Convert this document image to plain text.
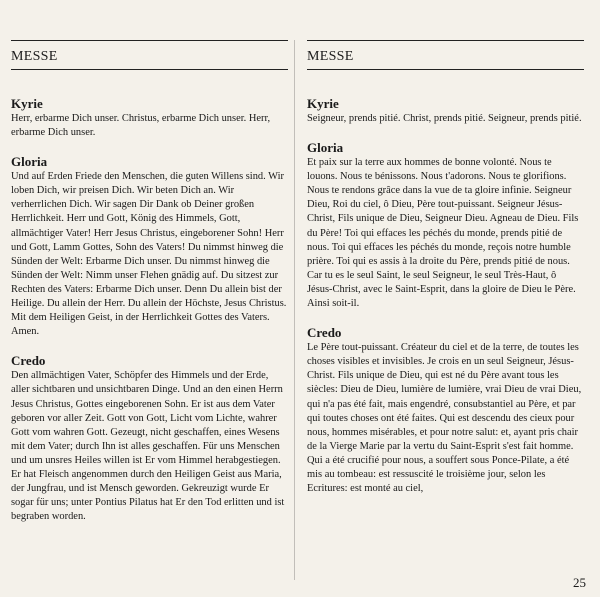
MESSE
Kyrie

Herr, erbarme Dich unser. Christus, erbarme Dich unser. Herr, erbarme Dich unser.

Gloria

Und auf Erden Friede den Menschen, die guten Willens sind. Wir loben Dich, wir preisen Dich. Wir beten Dich an. Wir verherrlichen Dich. Wir sagen Dir Dank ob Deiner großen Herrlichkeit. Herr und Gott, König des Himmels, Gott, allmächtiger Vater! Herr Jesus Christus, eingeborener Sohn! Herr und Gott, Lamm Gottes, Sohn des Vaters! Du nimmst hinweg die Sünden der Welt: Erbarme Dich unser. Du nimmst hinweg die Sünden der Welt: Nimm unser Flehen gnädig auf. Du sitzest zur Rechten des Vaters: Erbarme Dich unser. Denn Du allein bist der Heilige. Du allein der Herr. Du allein der Höchste, Jesus Christus. Mit dem Heiligen Geist, in der Herrlichkeit Gottes des Vaters. Amen.

Credo

Den allmächtigen Vater, Schöpfer des Himmels und der Erde, aller sichtbaren und unsichtbaren Dinge. Und an den einen Herrn Jesus Christus, Gottes eingeborenen Sohn. Er ist aus dem Vater geboren vor aller Zeit. Gott von Gott, Licht vom Lichte, wahrer Gott vom wahren Gott. Gezeugt, nicht geschaffen, eines Wesens mit dem Vater; durch Ihn ist alles geschaffen. Für uns Menschen und um unsres Heiles willen ist Er vom Himmel herabgestiegen. Er hat Fleisch angenommen durch den Heiligen Geist aus Maria, der Jungfrau, und ist Mensch geworden. Gekreuzigt wurde Er sogar für uns; unter Pontius Pilatus hat Er den Tod erlitten und ist begraben worden.

MESSE
Kyrie

Seigneur, prends pitié. Christ, prends pitié. Seigneur, prends pitié.

Gloria

Et paix sur la terre aux hommes de bonne volonté. Nous te louons. Nous te bénissons. Nous t'adorons. Nous te glorifions. Nous te rendons grâce dans la vue de ta gloire infinie. Seigneur Dieu, Roi du ciel, ô Dieu, Père tout-puissant. Seigneur Jésus-Christ, Fils unique de Dieu, Seigneur Dieu. Agneau de Dieu. Fils du Père! Toi qui effaces les péchés du monde, prends pitié de nous. Toi qui effaces les péchés du monde, reçois notre humble prière. Toi qui es assis à la droite du Père, prends pitié de nous. Car tu es le seul Saint, le seul Seigneur, le seul Très-Haut, ô Jésus-Christ, avec le Saint-Esprit, dans la gloire de Dieu le Père. Ainsi soit-il.

Credo

Le Père tout-puissant. Créateur du ciel et de la terre, de toutes les choses visibles et invisibles. Je crois en un seul Seigneur, Jésus-Christ. Fils unique de Dieu, qui est né du Père avant tous les siècles: Dieu de Dieu, lumière de lumière, vrai Dieu de vrai Dieu, qui n'a pas été fait, mais engendré, consubstantiel au Père, et par qui toutes choses ont été faites. Qui est descendu des cieux pour nous, hommes misérables, et pour notre salut: et, ayant pris chair de la Vierge Marie par la vertu du Saint-Esprit s'est fait homme. Qui a été crucifié pour nous, a souffert sous Ponce-Pilate, a été mis au tombeau: est ressuscité le troisième jour, selon les Ecritures: est monté au ciel,

25
